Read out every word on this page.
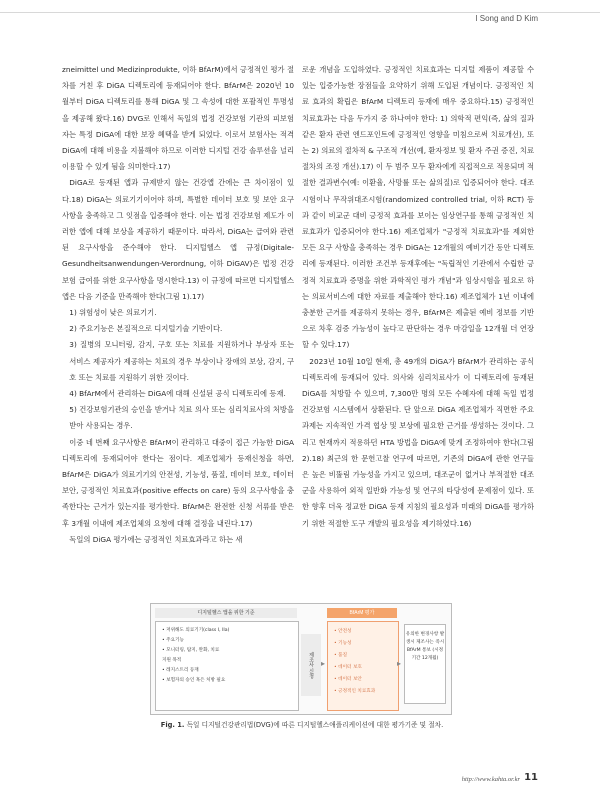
I Song and D Kim

zneimittel und Medizinprodukte, 이하 BfArM)에서 긍정적인 평가 절차를 거친 후 DiGA 디렉토리에 등재되어야 한다. BfArM은 2020년 10월부터 DiGA 디렉토리를 통해 DiGA 및 그 속성에 대한 포괄적인 투명성을 제공해 왔다.16) DVG로 인해서 독일의 법정 건강보험 기관의 피보험자는 특정 DiGA에 대한 보장 혜택을 받게 되었다. 이로서 보험사는 적격 DiGA에 대해 비용을 지불해야 하므로 이러한 디지털 건강 솔루션을 널리 이용할 수 있게 됨을 의미한다.17)

DiGA로 등재된 앱과 규제받지 않는 건강앱 간에는 큰 차이점이 있다.18) DiGA는 의료기기이어야 하며, 특별한 데이터 보호 및 보안 요구 사항을 충족하고 그 잇점을 입증해야 한다. 이는 법정 건강보험 제도가 이러한 앱에 대해 보상을 제공하기 때문이다. 따라서, DiGA는 급여와 관련된 요구사항을 준수해야 한다. 디지털헬스 앱 규정(Digitale-Gesundheitsanwendungen-Verordnung, 이하 DiGAV)은 법정 건강보험 급여를 위한 요구사항을 명시한다.13) 이 규정에 따르면 디지털헬스앱은 다음 기준을 만족해야 한다(그림 1).17)

1) 위험성이 낮은 의료기기.
2) 주요기능은 본질적으로 디지털기술 기반이다.
3) 질병의 모니터링, 감지, 구호 또는 치료를 지원하거나 부상자 또는 서비스 제공자가 제공하는 치료의 경우 부상이나 장애의 보상, 감지, 구호 또는 치료를 지원하기 위한 것이다.
4) BfArM에서 관리하는 DiGA에 대해 신설된 공식 디렉토리에 등재.
5) 건강보험기관의 승인을 받거나 치료 의사 또는 심리치료사의 처방을 받아 사용되는 경우.

이중 네 번째 요구사항은 BfArM이 관리하고 대중이 접근 가능한 DiGA 디렉토리에 등재되어야 한다는 점이다. 제조업체가 등재신청을 하면, BfArM은 DiGA가 의료기기의 안전성, 기능성, 품질, 데이터 보호, 데이터 보안, 긍정적인 치료효과(positive effects on care) 등의 요구사항을 충족한다는 근거가 있는지를 평가한다. BfArM은 완전한 신청 서류를 받은 후 3개월 이내에 제조업체의 요청에 대해 결정을 내린다.17)

독일의 DiGA 평가에는 긍정적인 치료효과라고 하는 새

로운 개념을 도입하였다. 긍정적인 치료효과는 디지털 제품이 제공할 수 있는 입증가능한 장점들을 요약하기 위해 도입된 개념이다. 긍정적인 치료 효과의 확립은 BfArM 디렉토리 등재에 매우 중요하다.15) 긍정적인 치료효과는 다음 두가지 중 하나여야 한다: 1) 의학적 편익(즉, 삶의 질과 같은 환자 관련 엔드포인트에 긍정적인 영향을 미침으로써 치료개선), 또는 2) 의료의 절차적 & 구조적 개선(예, 환자정보 및 환자 주권 증진, 치료절차의 조정 개선).17) 이 두 범주 모두 환자에게 직접적으로 적용되며 적절한 결과변수(예: 이환율, 사망률 또는 삶의질)로 입증되어야 한다. 대조시험이나 무작위대조시험(randomized controlled trial, 이하 RCT) 등과 같이 비교군 대비 긍정적 효과를 보이는 임상연구를 통해 긍정적인 치료효과가 입증되어야 한다.16) 제조업체가 "긍정적 치료효과"를 제외한 모든 요구 사항을 충족하는 경우 DiGA는 12개월의 예비기간 동안 디렉토리에 등재된다. 이러한 조건부 등재후에는 "독립적인 기관에서 수립한 긍정적 치료효과 증명을 위한 과학적인 평가 개념"과 임상시험을 필요로 하는 의료서비스에 대한 자료를 제출해야 한다.16) 제조업체가 1년 이내에 충분한 근거를 제공하지 못하는 경우, BfArM은 제출된 예비 정보를 기반으로 차후 검증 가능성이 높다고 판단하는 경우 마감일을 12개월 더 연장할 수 있다.17)

2023년 10월 10일 현재, 총 49개의 DiGA가 BfArM가 관리하는 공식 디렉토리에 등재되어 있다. 의사와 심리치료사가 이 디렉토리에 등재된 DiGA를 처방할 수 있으며, 7,300만 명의 모든 수혜자에 대해 독일 법정 건강보험 시스템에서 상환된다. 단 앞으로 DiGA 제조업체가 직면한 주요 과제는 지속적인 가격 협상 및 보상에 필요한 근거를 생성하는 것이다. 그리고 현재까지 적용하던 HTA 방법을 DiGA에 맞게 조정하여야 한다(그림 2).18) 최근의 한 문헌고찰 연구에 따르면, 기존의 DiGA에 관한 연구들은 높은 비뚤림 가능성을 가지고 있으며, 대조군이 없거나 부적절한 대조군을 사용하여 외적 일반화 가능성 및 연구의 타당성에 문제점이 있다. 또한 향후 더욱 정교한 DiGA 등재 지침의 필요성과 미래의 DiGA를 평가하기 위한 적절한 도구 개발의 필요성을 제기하였다.16)

디지털헬스 앱을 위한 기준
• 저위해도 의료기기(class I, IIa)
• 주요기능
• 모니터링, 탐지, 완화, 치료
지원 목적
• 레지스트리 등재
• 보험자의 승인 혹은 처방 필요
제조사 신청 ▸
BfArM 평가
• 안전성
• 기능성
• 품질
• 데이터 보호
• 데이터 보안
• 긍정적인 치료효과
▸
유의한 변경사항 발생시 제조사는 즉시 BfArM 통보 (시정기간 12개월)
Fig. 1. 독일 디지털건강관리법(DVG)에 따른 디지털헬스애플리케이션에 대한 평가기준 및 절차.
http://www.kahta.or.kr 11
